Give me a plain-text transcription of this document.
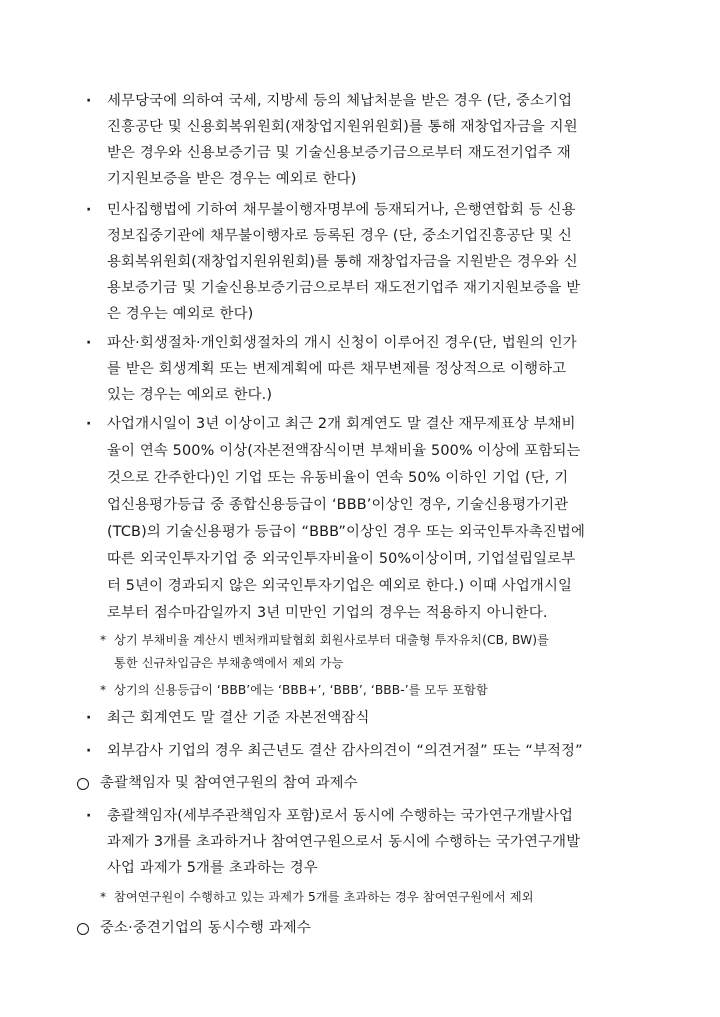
· 세무당국에 의하여 국세, 지방세 등의 체납처분을 받은 경우 (단, 중소기업
진흥공단 및 신용회복위원회(재창업지원위원회)를 통해 재창업자금을 지원
받은 경우와 신용보증기금 및 기술신용보증기금으로부터 재도전기업주 재
기지원보증을 받은 경우는 예외로 한다)
· 민사집행법에 기하여 채무불이행자명부에 등재되거나, 은행연합회 등 신용
정보집중기관에 채무불이행자로 등록된 경우 (단, 중소기업진흥공단 및 신
용회복위원회(재창업지원위원회)를 통해 재창업자금을 지원받은 경우와 신
용보증기금 및 기술신용보증기금으로부터 재도전기업주 재기지원보증을 받
은 경우는 예외로 한다)
· 파산·회생절차·개인회생절차의 개시 신청이 이루어진 경우(단, 법원의 인가
를 받은 회생계획 또는 변제계획에 따른 채무변제를 정상적으로 이행하고
있는 경우는 예외로 한다.)
· 사업개시일이 3년 이상이고 최근 2개 회계연도 말 결산 재무제표상 부채비
율이 연속 500% 이상(자본전액잠식이면 부채비율 500% 이상에 포함되는
것으로 간주한다)인 기업 또는 유동비율이 연속 50% 이하인 기업 (단, 기
업신용평가등급 중 종합신용등급이 ‘BBB’이상인 경우, 기술신용평가기관
(TCB)의 기술신용평가 등급이 “BBB”이상인 경우 또는 외국인투자촉진법에
따른 외국인투자기업 중 외국인투자비율이 50%이상이며, 기업설립일로부
터 5년이 경과되지 않은 외국인투자기업은 예외로 한다.) 이때 사업개시일
로부터 점수마감일까지 3년 미만인 기업의 경우는 적용하지 아니한다.
* 상기 부채비율 계산시 벤처캐피탈협회 회원사로부터 대출형 투자유치(CB, BW)를
통한 신규차입금은 부채총액에서 제외 가능
* 상기의 신용등급이 ‘BBB’에는 ‘BBB+’, ‘BBB’, ‘BBB-’를 모두 포함함
· 최근 회계연도 말 결산 기준 자본전액잠식
· 외부감사 기업의 경우 최근년도 결산 감사의견이 “의견거절” 또는 “부적정”
총괄책임자 및 참여연구원의 참여 과제수
· 총괄책임자(세부주관책임자 포함)로서 동시에 수행하는 국가연구개발사업
과제가 3개를 초과하거나 참여연구원으로서 동시에 수행하는 국가연구개발
사업 과제가 5개를 초과하는 경우
* 참여연구원이 수행하고 있는 과제가 5개를 초과하는 경우 참여연구원에서 제외
중소·중견기업의 동시수행 과제수
